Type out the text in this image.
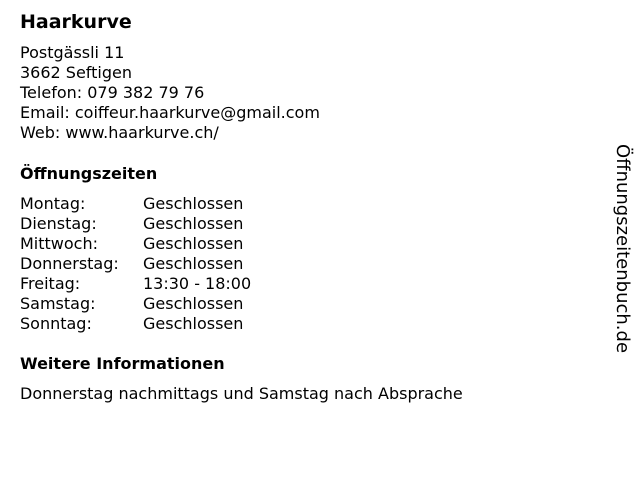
Haarkurve
Postgässli 11
3662 Seftigen
Telefon: 079 382 79 76
Email: coiffeur.haarkurve@gmail.com
Web: www.haarkurve.ch/
Öffnungszeiten
Montag:	Geschlossen
Dienstag:	Geschlossen
Mittwoch:	Geschlossen
Donnerstag:	Geschlossen
Freitag:	13:30 - 18:00
Samstag:	Geschlossen
Sonntag:	Geschlossen
Weitere Informationen
Donnerstag nachmittags und Samstag nach Absprache
Öffnungszeitenbuch.de
